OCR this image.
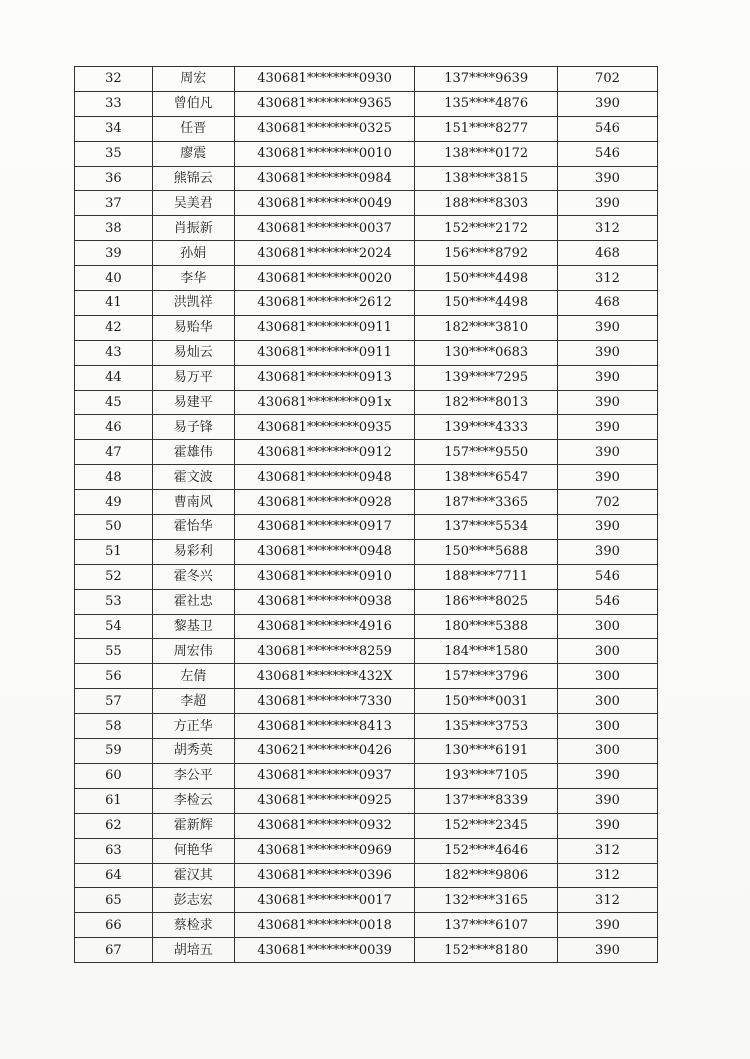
32	周宏	430681********0930	137****9639	702
33	曾伯凡	430681********9365	135****4876	390
34	任晋	430681********0325	151****8277	546
35	廖震	430681********0010	138****0172	546
36	熊锦云	430681********0984	138****3815	390
37	吴美君	430681********0049	188****8303	390
38	肖振新	430681********0037	152****2172	312
39	孙娟	430681********2024	156****8792	468
40	李华	430681********0020	150****4498	312
41	洪凯祥	430681********2612	150****4498	468
42	易贻华	430681********0911	182****3810	390
43	易灿云	430681********0911	130****0683	390
44	易万平	430681********0913	139****7295	390
45	易建平	430681********091x	182****8013	390
46	易子锋	430681********0935	139****4333	390
47	霍雄伟	430681********0912	157****9550	390
48	霍文波	430681********0948	138****6547	390
49	曹南风	430681********0928	187****3365	702
50	霍怡华	430681********0917	137****5534	390
51	易彩利	430681********0948	150****5688	390
52	霍冬兴	430681********0910	188****7711	546
53	霍社忠	430681********0938	186****8025	546
54	黎基卫	430681********4916	180****5388	300
55	周宏伟	430681********8259	184****1580	300
56	左倩	430681********432X	157****3796	300
57	李超	430681********7330	150****0031	300
58	方正华	430681********8413	135****3753	300
59	胡秀英	430621********0426	130****6191	300
60	李公平	430681********0937	193****7105	390
61	李检云	430681********0925	137****8339	390
62	霍新辉	430681********0932	152****2345	390
63	何艳华	430681********0969	152****4646	312
64	霍汉其	430681********0396	182****9806	312
65	彭志宏	430681********0017	132****3165	312
66	蔡检求	430681********0018	137****6107	390
67	胡培五	430681********0039	152****8180	390
